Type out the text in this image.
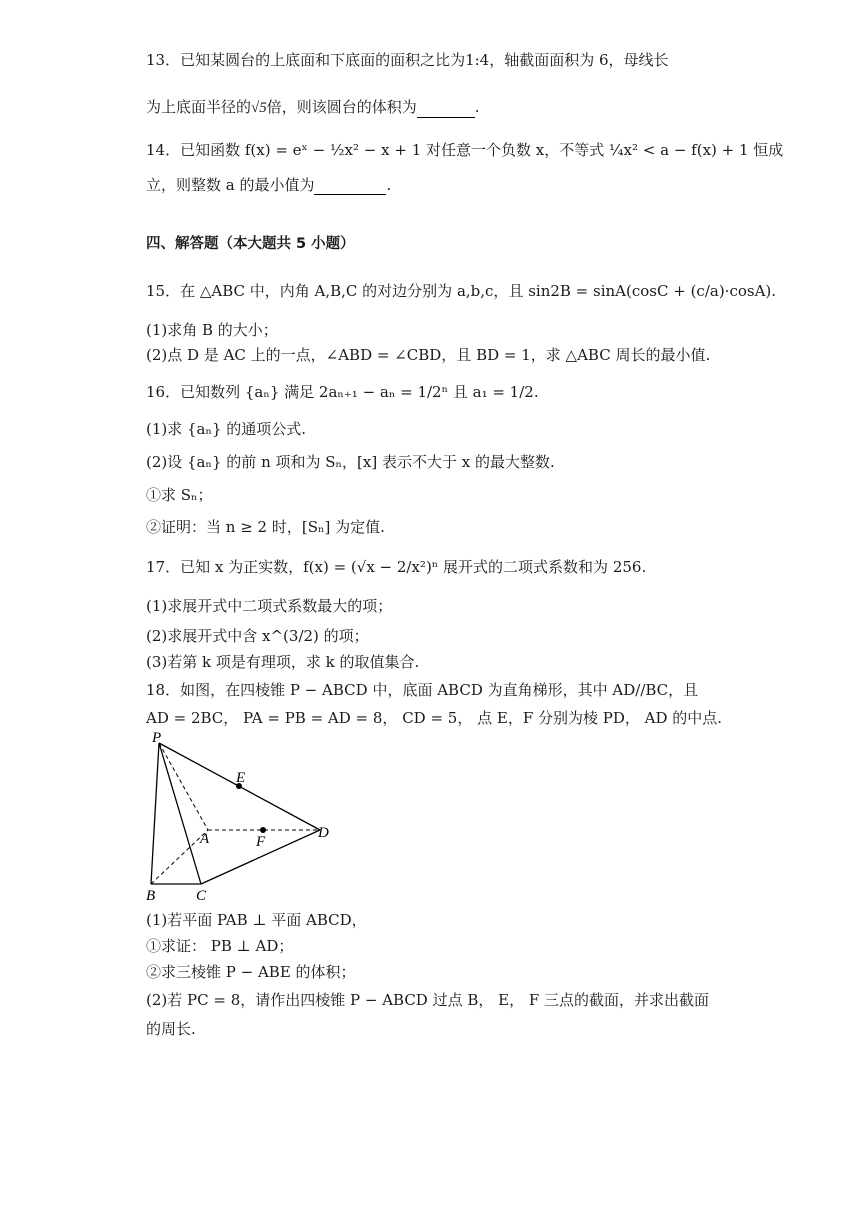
13．已知某圆台的上底面和下底面的面积之比为1:4，轴截面面积为 6，母线长
为上底面半径的√5倍，则该圆台的体积为	.
14．已知函数 f(x) = eˣ − ½x² − x + 1 对任意一个负数 x，不等式 ¼x² < a − f(x) + 1 恒成
立，则整数 a 的最小值为	.
四、解答题（本大题共 5 小题）
15．在 △ABC 中，内角 A,B,C 的对边分别为 a,b,c，且 sin2B = sinA(cosC + (c/a)·cosA).
(1)求角 B 的大小；
(2)点 D 是 AC 上的一点，∠ABD = ∠CBD，且 BD = 1，求 △ABC 周长的最小值.
16．已知数列 {aₙ} 满足 2aₙ₊₁ − aₙ = 1/2ⁿ 且 a₁ = 1/2.
(1)求 {aₙ} 的通项公式.
(2)设 {aₙ} 的前 n 项和为 Sₙ，[x] 表示不大于 x 的最大整数.
①求 Sₙ；
②证明：当 n ≥ 2 时，[Sₙ] 为定值.
17．已知 x 为正实数，f(x) = (√x − 2/x²)ⁿ 展开式的二项式系数和为 256.
(1)求展开式中二项式系数最大的项；
(2)求展开式中含 x^(3/2) 的项；
(3)若第 k 项是有理项，求 k 的取值集合.
18．如图，在四棱锥 P − ABCD 中，底面 ABCD 为直角梯形，其中 AD//BC，且
AD = 2BC， PA = PB = AD = 8， CD = 5， 点 E，F 分别为棱 PD， AD 的中点.
P
E
A	F
D
B	C
(1)若平面 PAB ⊥ 平面 ABCD，
①求证： PB ⊥ AD；
②求三棱锥 P − ABE 的体积；
(2)若 PC = 8，请作出四棱锥 P − ABCD 过点 B， E， F 三点的截面，并求出截面
的周长.
